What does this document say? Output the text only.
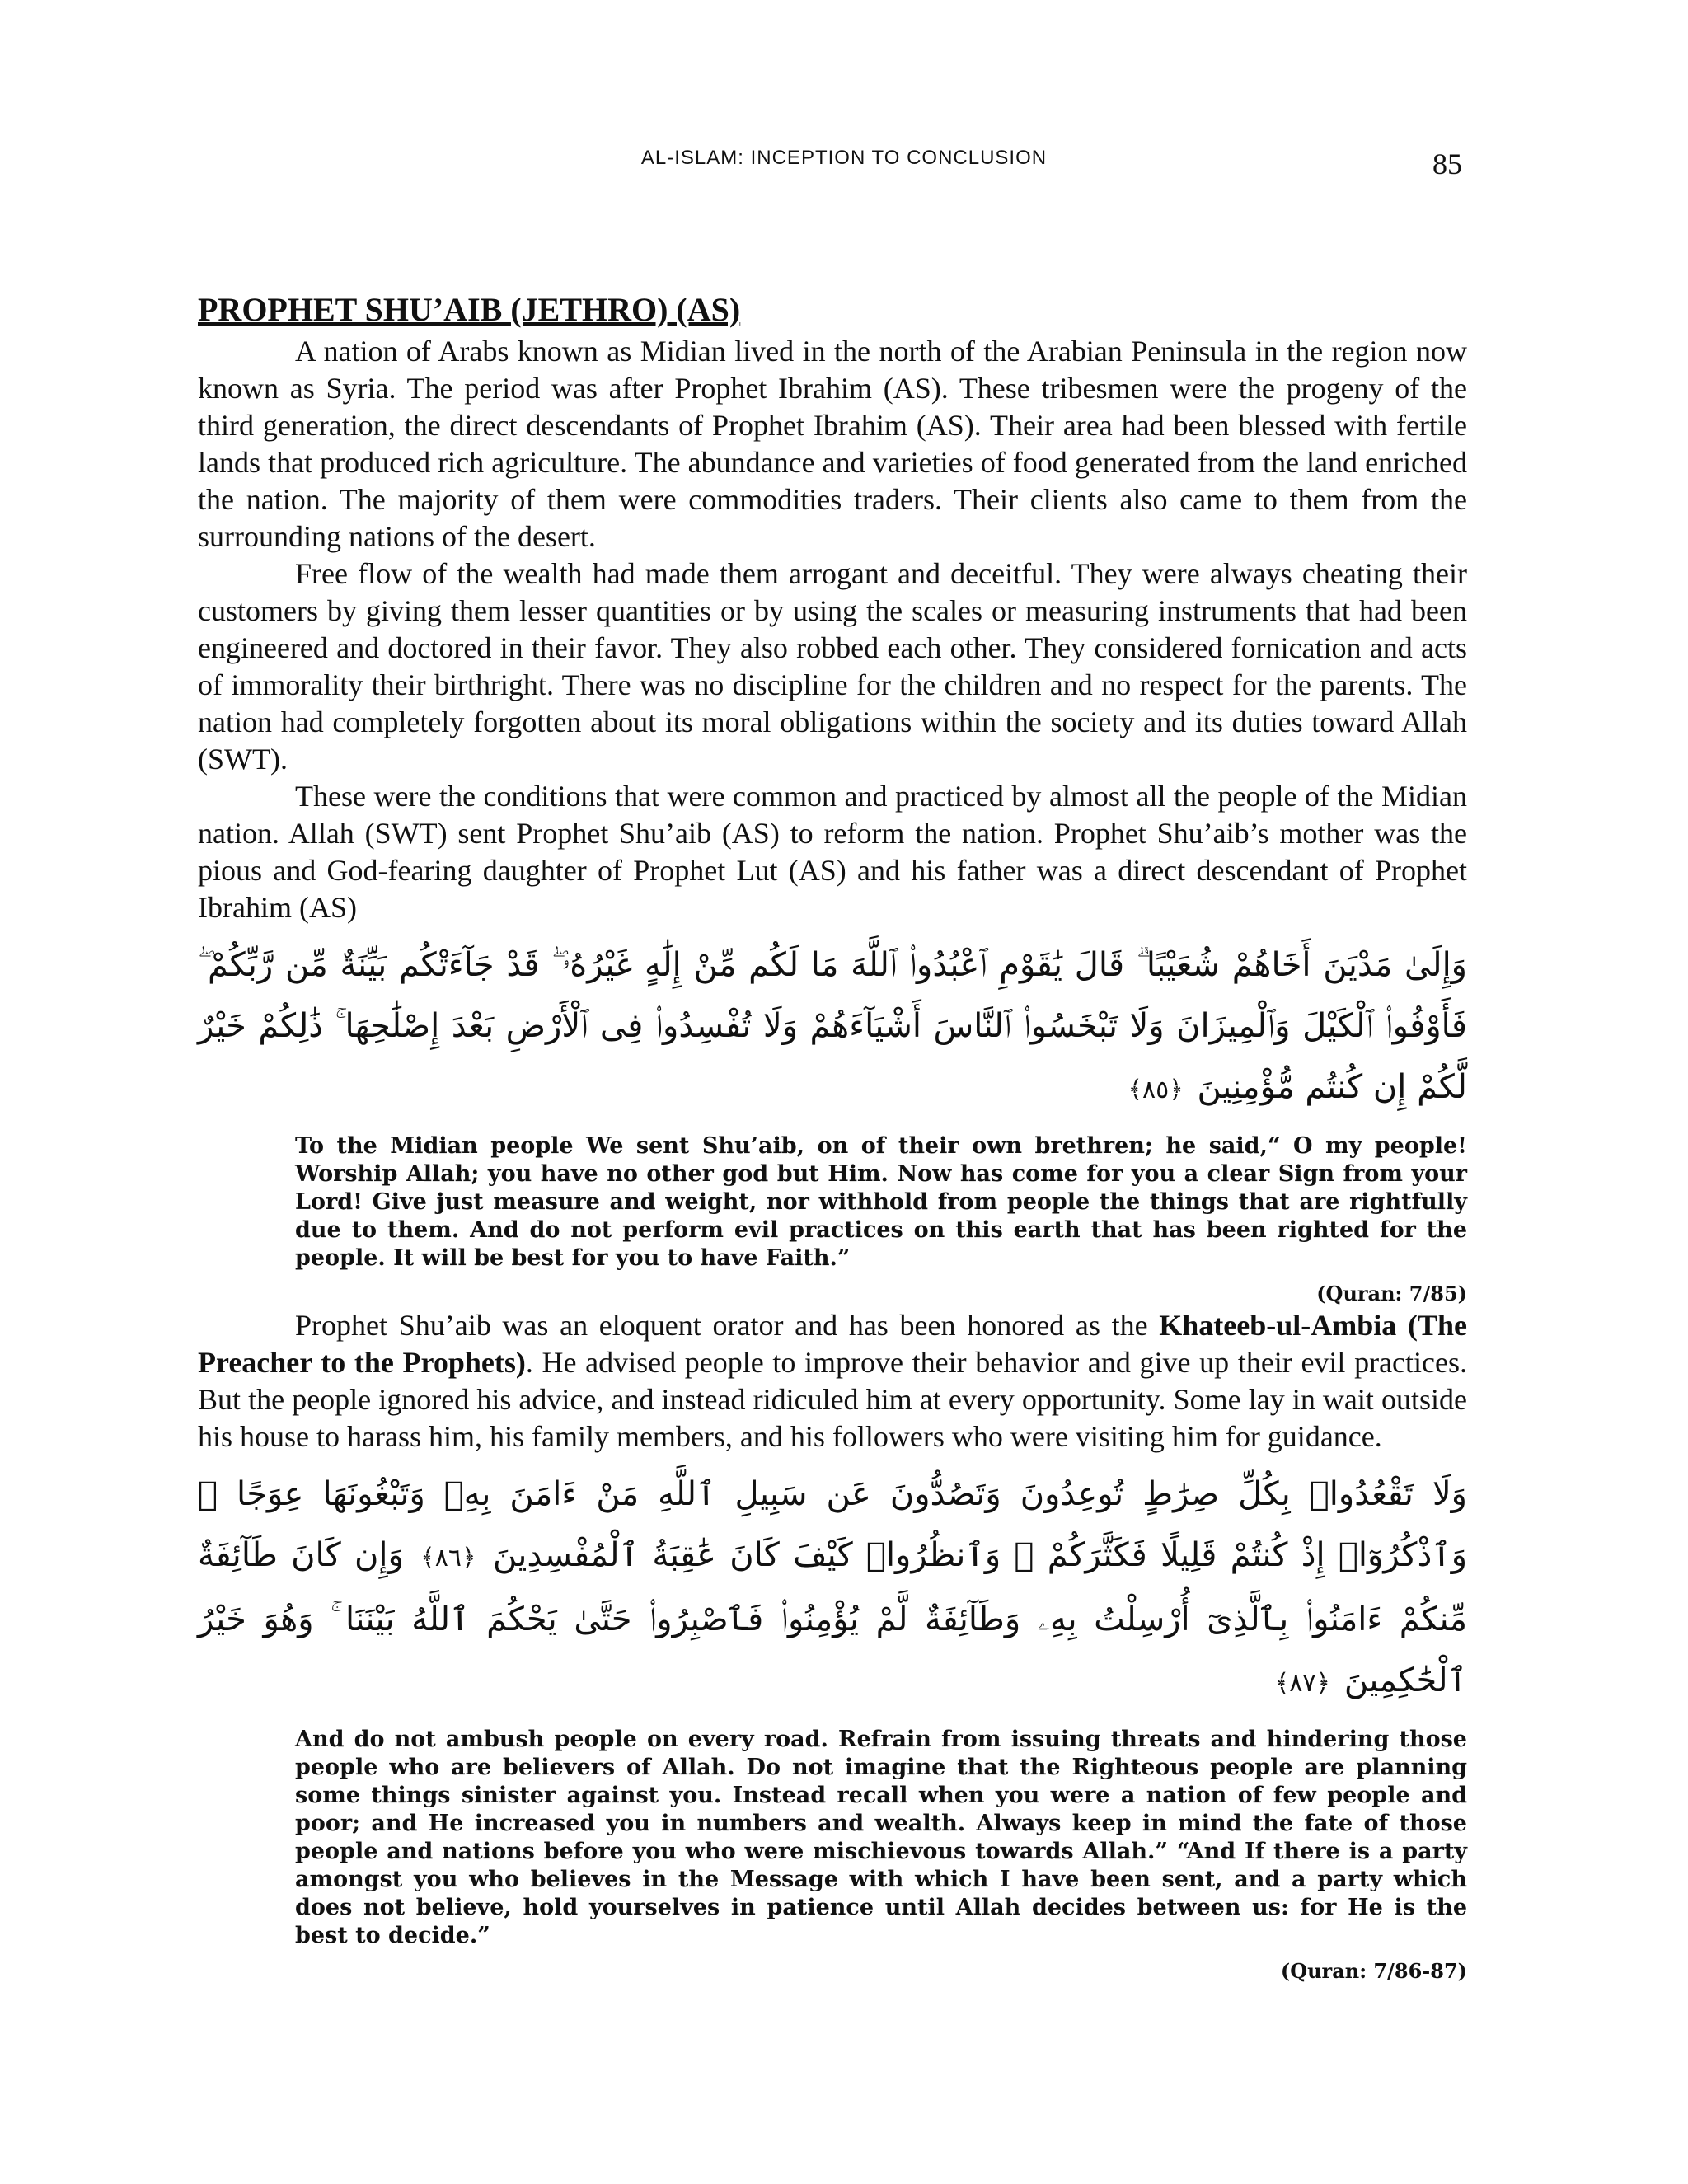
AL-ISLAM: INCEPTION TO CONCLUSION	85
PROPHET SHU’AIB (JETHRO) (AS)

A nation of Arabs known as Midian lived in the north of the Arabian Peninsula in the region now known as Syria. The period was after Prophet Ibrahim (AS). These tribesmen were the progeny of the third generation, the direct descendants of Prophet Ibrahim (AS). Their area had been blessed with fertile lands that produced rich agriculture. The abundance and varieties of food generated from the land enriched the nation. The majority of them were commodities traders. Their clients also came to them from the surrounding nations of the desert.

Free flow of the wealth had made them arrogant and deceitful. They were always cheating their customers by giving them lesser quantities or by using the scales or measuring instruments that had been engineered and doctored in their favor. They also robbed each other. They considered fornication and acts of immorality their birthright. There was no discipline for the children and no respect for the parents. The nation had completely forgotten about its moral obligations within the society and its duties toward Allah (SWT).

These were the conditions that were common and practiced by almost all the people of the Midian nation. Allah (SWT) sent Prophet Shu’aib (AS) to reform the nation. Prophet Shu’aib’s mother was the pious and God-fearing daughter of Prophet Lut (AS) and his father was a direct descendant of Prophet Ibrahim (AS)

وَإِلَىٰ مَدْيَنَ أَخَاهُمْ شُعَيْبًا ۗ قَالَ يَٰقَوْمِ ٱعْبُدُوا۟ ٱللَّهَ مَا لَكُم مِّنْ إِلَٰهٍ غَيْرُهُۥ ۖ قَدْ جَآءَتْكُم بَيِّنَةٌ مِّن رَّبِّكُمْ ۖ فَأَوْفُوا۟ ٱلْكَيْلَ وَٱلْمِيزَانَ وَلَا تَبْخَسُوا۟ ٱلنَّاسَ أَشْيَآءَهُمْ وَلَا تُفْسِدُوا۟ فِى ٱلْأَرْضِ بَعْدَ إِصْلَٰحِهَا ۚ ذَٰلِكُمْ خَيْرٌ لَّكُمْ إِن كُنتُم مُّؤْمِنِينَ ﴿٨٥﴾

To the Midian people We sent Shu’aib, on of their own brethren; he said,“ O my people! Worship Allah; you have no other god but Him. Now has come for you a clear Sign from your Lord! Give just measure and weight, nor withhold from people the things that are rightfully due to them. And do not perform evil practices on this earth that has been righted for the people. It will be best for you to have Faith.”

(Quran: 7/85)

Prophet Shu’aib was an eloquent orator and has been honored as the Khateeb-ul-Ambia (The Preacher to the Prophets). He advised people to improve their behavior and give up their evil practices. But the people ignored his advice, and instead ridiculed him at every opportunity. Some lay in wait outside his house to harass him, his family members, and his followers who were visiting him for guidance.

وَلَا تَقْعُدُوا۟ بِكُلِّ صِرَٰطٍ تُوعِدُونَ وَتَصُدُّونَ عَن سَبِيلِ ٱللَّهِ مَنْ ءَامَنَ بِهِۦ وَتَبْغُونَهَا عِوَجًا ۚ وَٱذْكُرُوٓا۟ إِذْ كُنتُمْ قَلِيلًا فَكَثَّرَكُمْ ۖ وَٱنظُرُوا۟ كَيْفَ كَانَ عَٰقِبَةُ ٱلْمُفْسِدِينَ ﴿٨٦﴾ وَإِن كَانَ طَآئِفَةٌ مِّنكُمْ ءَامَنُوا۟ بِٱلَّذِىٓ أُرْسِلْتُ بِهِۦ وَطَآئِفَةٌ لَّمْ يُؤْمِنُوا۟ فَٱصْبِرُوا۟ حَتَّىٰ يَحْكُمَ ٱللَّهُ بَيْنَنَا ۚ وَهُوَ خَيْرُ ٱلْحَٰكِمِينَ ﴿٨٧﴾

And do not ambush people on every road. Refrain from issuing threats and hindering those people who are believers of Allah. Do not imagine that the Righteous people are planning some things sinister against you. Instead recall when you were a nation of few people and poor; and He increased you in numbers and wealth. Always keep in mind the fate of those people and nations before you who were mischievous towards Allah.” “And If there is a party amongst you who believes in the Message with which I have been sent, and a party which does not believe, hold yourselves in patience until Allah decides between us: for He is the best to decide.”

(Quran: 7/86-87)
